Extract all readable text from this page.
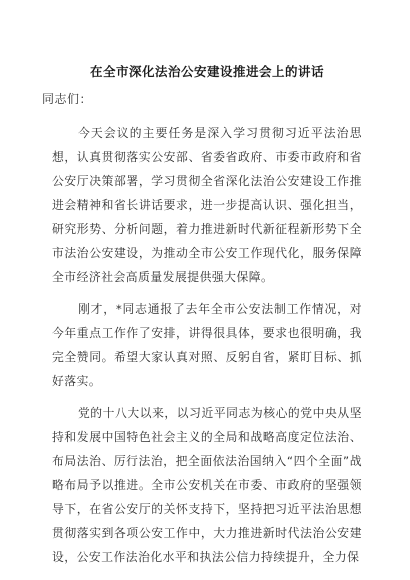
在全市深化法治公安建设推进会上的讲话
同志们：

今天会议的主要任务是深入学习贯彻习近平法治思想，认真贯彻落实公安部、省委省政府、市委市政府和省公安厅决策部署，学习贯彻全省深化法治公安建设工作推进会精神和省长讲话要求，进一步提高认识、强化担当，研究形势、分析问题，着力推进新时代新征程新形势下全市法治公安建设，为推动全市公安工作现代化，服务保障全市经济社会高质量发展提供强大保障。

刚才，*同志通报了去年全市公安法制工作情况，对今年重点工作作了安排，讲得很具体，要求也很明确，我完全赞同。希望大家认真对照、反躬自省，紧盯目标、抓好落实。

党的十八大以来，以习近平同志为核心的党中央从坚持和发展中国特色社会主义的全局和战略高度定位法治、布局法治、厉行法治，把全面依法治国纳入“四个全面”战略布局予以推进。全市公安机关在市委、市政府的坚强领导下，在省公安厅的关怀支持下，坚持把习近平法治思想贯彻落实到各项公安工作中，大力推进新时代法治公安建设，公安工作法治化水平和执法公信力持续提升，全力保
